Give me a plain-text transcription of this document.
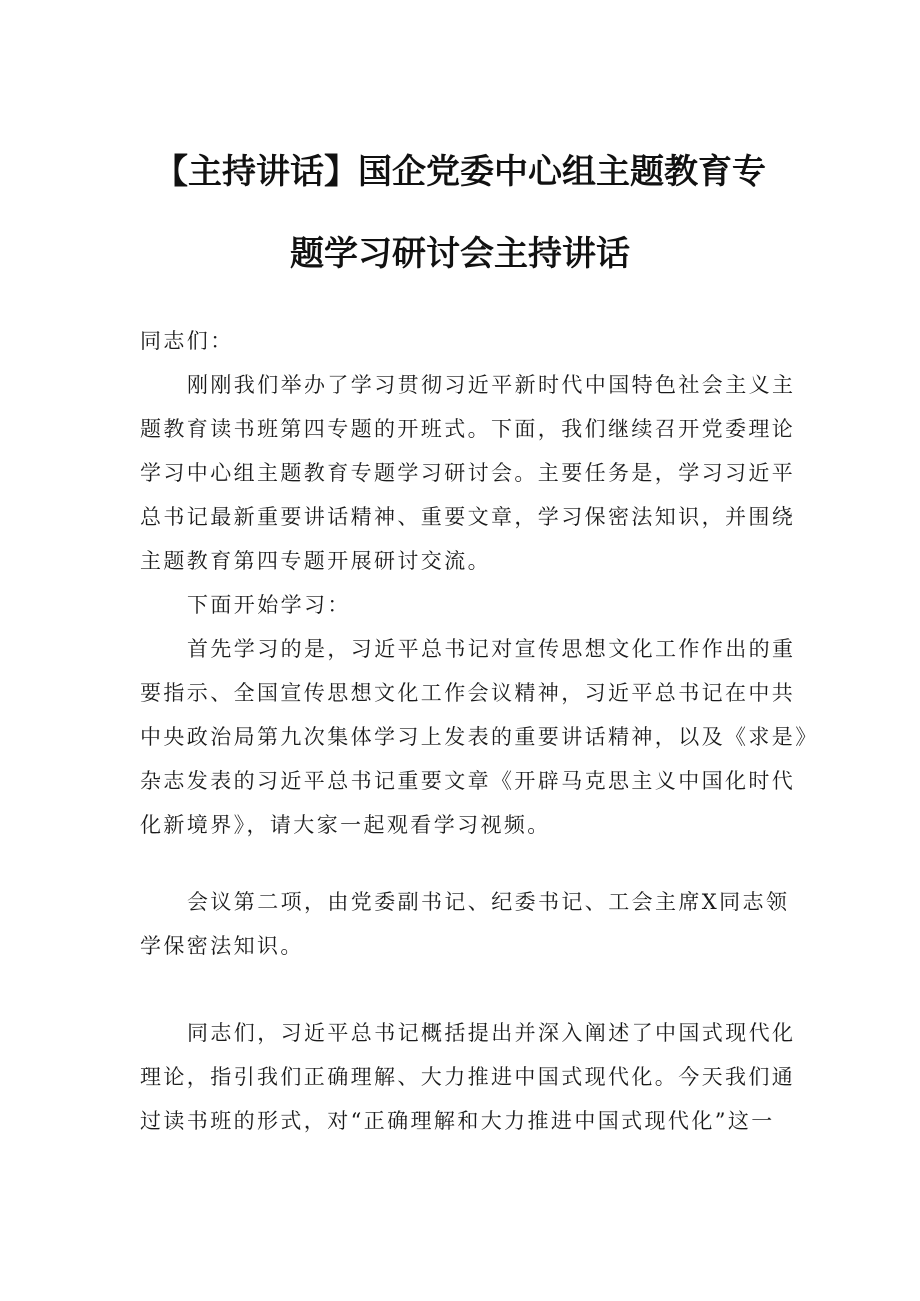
【主持讲话】国企党委中心组主题教育专
题学习研讨会主持讲话
同志们：
刚刚我们举办了学习贯彻习近平新时代中国特色社会主义主
题教育读书班第四专题的开班式。下面，我们继续召开党委理论
学习中心组主题教育专题学习研讨会。主要任务是，学习习近平
总书记最新重要讲话精神、重要文章，学习保密法知识，并围绕
主题教育第四专题开展研讨交流。
下面开始学习：
首先学习的是，习近平总书记对宣传思想文化工作作出的重
要指示、全国宣传思想文化工作会议精神，习近平总书记在中共
中央政治局第九次集体学习上发表的重要讲话精神，以及《求是》
杂志发表的习近平总书记重要文章《开辟马克思主义中国化时代
化新境界》，请大家一起观看学习视频。
会议第二项，由党委副书记、纪委书记、工会主席X同志领
学保密法知识。
同志们，习近平总书记概括提出并深入阐述了中国式现代化
理论，指引我们正确理解、大力推进中国式现代化。今天我们通
过读书班的形式，对“正确理解和大力推进中国式现代化”这一
